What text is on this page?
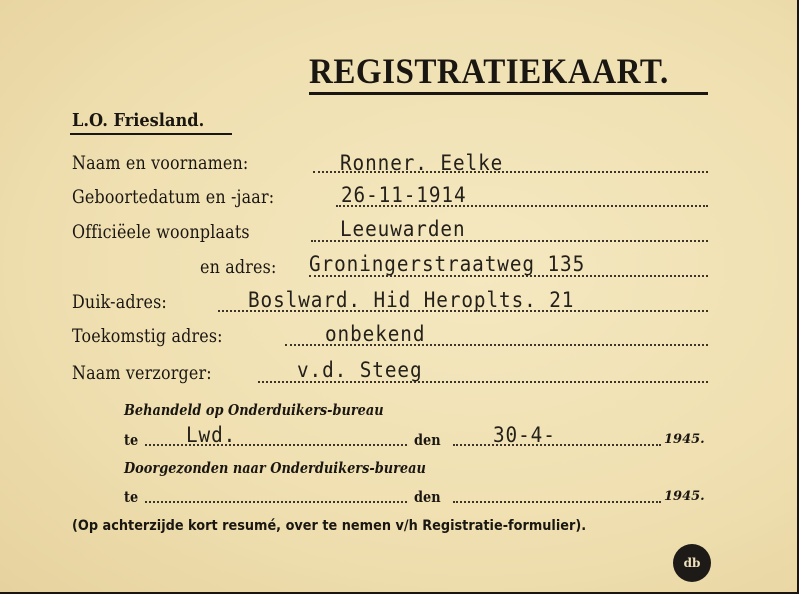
REGISTRATIEKAART.
L.O. Friesland.
Naam en voornamen:	Ronner. Eelke
Geboortedatum en -jaar:	26-11-1914
Officiëele woonplaats	Leeuwarden
en adres: Groningerstraatweg 135
Duik-adres:	Boslward. Hid Heroplts. 21
Toekomstig adres:	onbekend
Naam verzorger:	v.d. Steeg
Behandeld op Onderduikers-bureau
te Lwd.	den 30-4-	1945.
Doorgezonden naar Onderduikers-bureau
te	den	1945.
(Op achterzijde kort resumé, over te nemen v/h Registratie-formulier).
db
